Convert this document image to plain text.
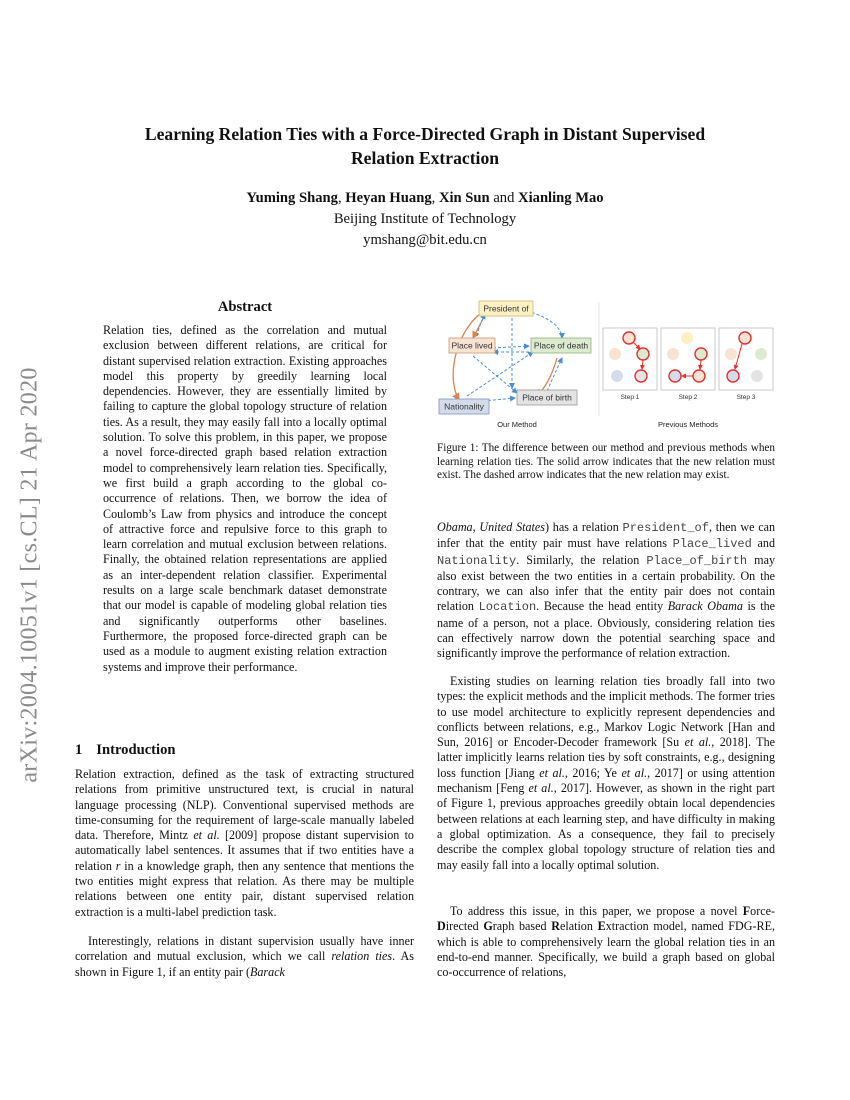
Learning Relation Ties with a Force-Directed Graph in Distant Supervised
Relation Extraction
Yuming Shang, Heyan Huang, Xin Sun and Xianling Mao
Beijing Institute of Technology
ymshang@bit.edu.cn
arXiv:2004.10051v1 [cs.CL] 21 Apr 2020
Abstract
Relation ties, defined as the correlation and mutual exclusion between different relations, are critical for distant supervised relation extraction. Existing approaches model this property by greedily learning local dependencies. However, they are essentially limited by failing to capture the global topology structure of relation ties. As a result, they may easily fall into a locally optimal solution. To solve this problem, in this paper, we propose a novel force-directed graph based relation extraction model to comprehensively learn relation ties. Specifically, we first build a graph according to the global co-occurrence of relations. Then, we borrow the idea of Coulomb’s Law from physics and introduce the concept of attractive force and repulsive force to this graph to learn correlation and mutual exclusion between relations. Finally, the obtained relation representations are applied as an inter-dependent relation classifier. Experimental results on a large scale benchmark dataset demonstrate that our model is capable of modeling global relation ties and significantly outperforms other baselines. Furthermore, the proposed force-directed graph can be used as a module to augment existing relation extraction systems and improve their performance.
1 Introduction
Relation extraction, defined as the task of extracting structured relations from primitive unstructured text, is crucial in natural language processing (NLP). Conventional supervised methods are time-consuming for the requirement of large-scale manually labeled data. Therefore, Mintz et al. [2009] propose distant supervision to automatically label sentences. It assumes that if two entities have a relation r in a knowledge graph, then any sentence that mentions the two entities might express that relation. As there may be multiple relations between one entity pair, distant supervised relation extraction is a multi-label prediction task.
Interestingly, relations in distant supervision usually have inner correlation and mutual exclusion, which we call relation ties. As shown in Figure 1, if an entity pair (Barack
President of
Place lived	Place of death
Nationality
Place of birth	Step 1	Step 2	Step 3
Our Method	Previous Methods
Figure 1: The difference between our method and previous methods when learning relation ties. The solid arrow indicates that the new relation must exist. The dashed arrow indicates that the new relation may exist.
Obama, United States) has a relation President_of, then we can infer that the entity pair must have relations Place_lived and Nationality. Similarly, the relation Place_of_birth may also exist between the two entities in a certain probability. On the contrary, we can also infer that the entity pair does not contain relation Location. Because the head entity Barack Obama is the name of a person, not a place. Obviously, considering relation ties can effectively narrow down the potential searching space and significantly improve the performance of relation extraction.
Existing studies on learning relation ties broadly fall into two types: the explicit methods and the implicit methods. The former tries to use model architecture to explicitly represent dependencies and conflicts between relations, e.g., Markov Logic Network [Han and Sun, 2016] or Encoder-Decoder framework [Su et al., 2018]. The latter implicitly learns relation ties by soft constraints, e.g., designing loss function [Jiang et al., 2016; Ye et al., 2017] or using attention mechanism [Feng et al., 2017]. However, as shown in the right part of Figure 1, previous approaches greedily obtain local dependencies between relations at each learning step, and have difficulty in making a global optimization. As a consequence, they fail to precisely describe the complex global topology structure of relation ties and may easily fall into a locally optimal solution.
To address this issue, in this paper, we propose a novel Force-Directed Graph based Relation Extraction model, named FDG-RE, which is able to comprehensively learn the global relation ties in an end-to-end manner. Specifically, we build a graph based on global co-occurrence of relations,
